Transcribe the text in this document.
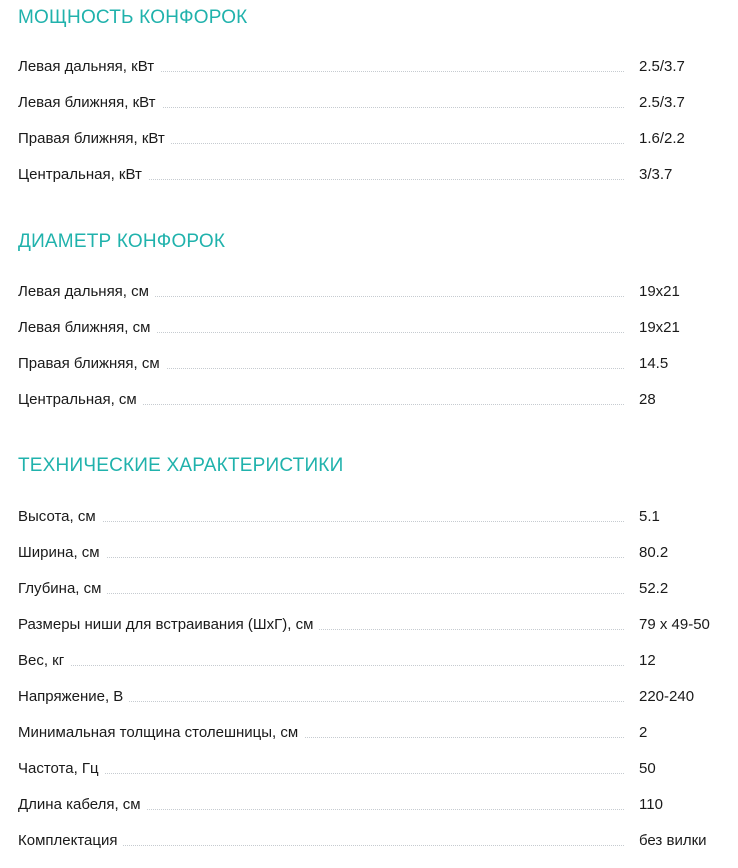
МОЩНОСТЬ КОНФОРОК
Левая дальняя, кВт	2.5/3.7
Левая ближняя, кВт	2.5/3.7
Правая ближняя, кВт	1.6/2.2
Центральная, кВт	3/3.7
ДИАМЕТР КОНФОРОК
Левая дальняя, см	19x21
Левая ближняя, см	19x21
Правая ближняя, см	14.5
Центральная, см	28
ТЕХНИЧЕСКИЕ ХАРАКТЕРИСТИКИ
Высота, см	5.1
Ширина, см	80.2
Глубина, см	52.2
Размеры ниши для встраивания (ШxГ), см	79 x 49-50
Вес, кг	12
Напряжение, В	220-240
Минимальная толщина столешницы, см	2
Частота, Гц	50
Длина кабеля, см	110
Комплектация	без вилки
